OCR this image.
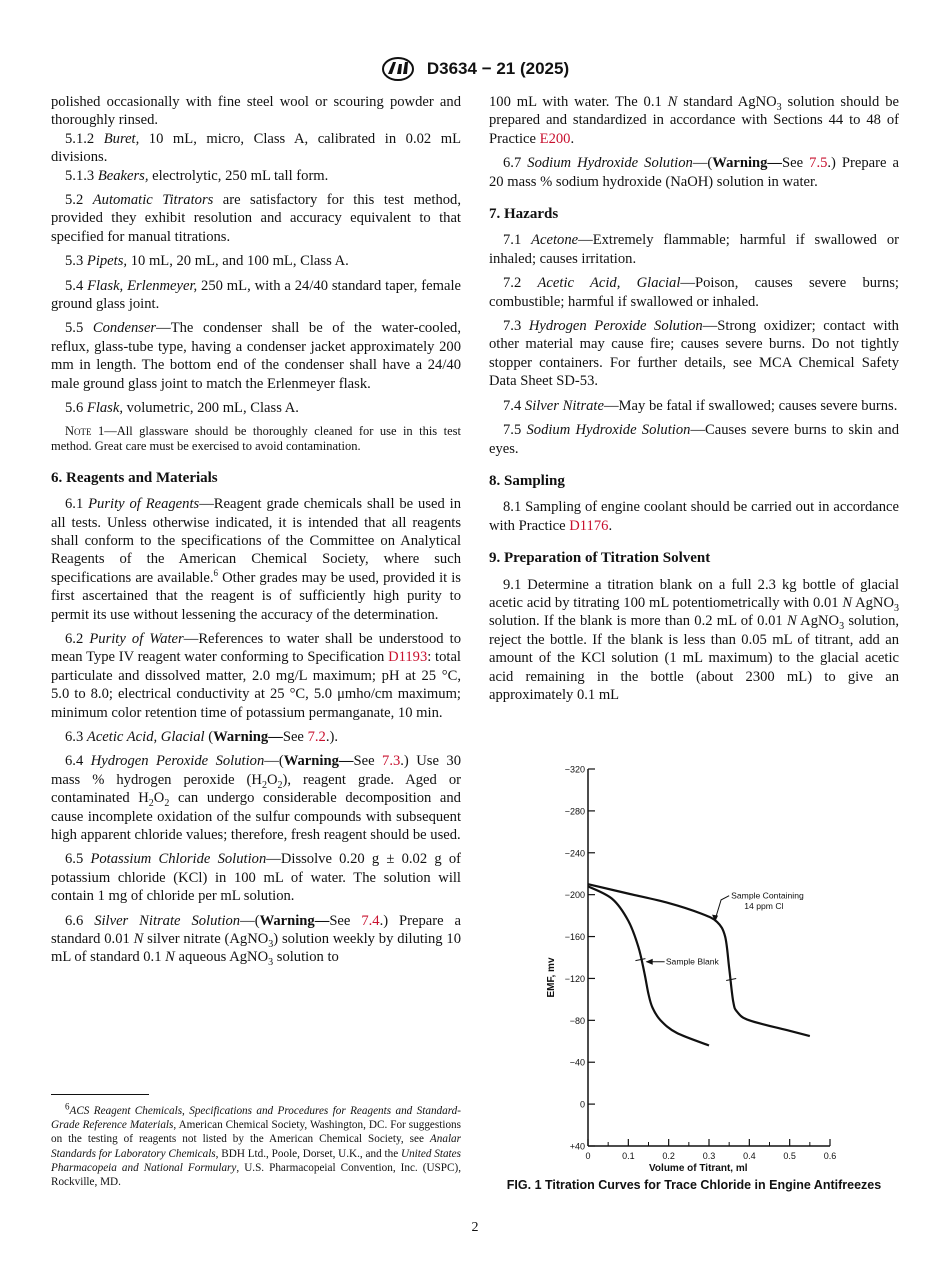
D3634 − 21 (2025)

polished occasionally with fine steel wool or scouring powder and thoroughly rinsed.

5.1.2 Buret, 10 mL, micro, Class A, calibrated in 0.02 mL divisions.

5.1.3 Beakers, electrolytic, 250 mL tall form.

5.2 Automatic Titrators are satisfactory for this test method, provided they exhibit resolution and accuracy equivalent to that specified for manual titrations.

5.3 Pipets, 10 mL, 20 mL, and 100 mL, Class A.

5.4 Flask, Erlenmeyer, 250 mL, with a 24/40 standard taper, female ground glass joint.

5.5 Condenser—The condenser shall be of the water-cooled, reflux, glass-tube type, having a condenser jacket approximately 200 mm in length. The bottom end of the condenser shall have a 24/40 male ground glass joint to match the Erlenmeyer flask.

5.6 Flask, volumetric, 200 mL, Class A.

Note 1—All glassware should be thoroughly cleaned for use in this test method. Great care must be exercised to avoid contamination.

6. Reagents and Materials

6.1 Purity of Reagents—Reagent grade chemicals shall be used in all tests. Unless otherwise indicated, it is intended that all reagents shall conform to the specifications of the Committee on Analytical Reagents of the American Chemical Society, where such specifications are available.$^6$ Other grades may be used, provided it is first ascertained that the reagent is of sufficiently high purity to permit its use without lessening the accuracy of the determination.

6.2 Purity of Water—References to water shall be understood to mean Type IV reagent water conforming to Specification D1193: total particulate and dissolved matter, 2.0 mg/L maximum; pH at 25 °C, 5.0 to 8.0; electrical conductivity at 25 °C, 5.0 μmho/cm maximum; minimum color retention time of potassium permanganate, 10 min.

6.3 Acetic Acid, Glacial (Warning—See 7.2.).

6.4 Hydrogen Peroxide Solution—(Warning—See 7.3.) Use 30 mass % hydrogen peroxide $(H_2O_2)$, reagent grade. Aged or contaminated $H_2O_2$ can undergo considerable decomposition and cause incomplete oxidation of the sulfur compounds with subsequent high apparent chloride values; therefore, fresh reagent should be used.

6.5 Potassium Chloride Solution—Dissolve 0.20 g ± 0.02 g of potassium chloride (KCl) in 100 mL of water. The solution will contain 1 mg of chloride per mL solution.

6.6 Silver Nitrate Solution—(Warning—See 7.4.) Prepare a standard 0.01 N silver nitrate (AgNO$_3$) solution weekly by diluting 10 mL of standard 0.1 N aqueous AgNO$_3$ solution to

$^6$ACS Reagent Chemicals, Specifications and Procedures for Reagents and Standard-Grade Reference Materials, American Chemical Society, Washington, DC. For suggestions on the testing of reagents not listed by the American Chemical Society, see Analar Standards for Laboratory Chemicals, BDH Ltd., Poole, Dorset, U.K., and the United States Pharmacopeia and National Formulary, U.S. Pharmacopeial Convention, Inc. (USPC), Rockville, MD.

100 mL with water. The 0.1 N standard AgNO$_3$ solution should be prepared and standardized in accordance with Sections 44 to 48 of Practice E200.

6.7 Sodium Hydroxide Solution—(Warning—See 7.5.) Prepare a 20 mass % sodium hydroxide (NaOH) solution in water.

7. Hazards

7.1 Acetone—Extremely flammable; harmful if swallowed or inhaled; causes irritation.

7.2 Acetic Acid, Glacial—Poison, causes severe burns; combustible; harmful if swallowed or inhaled.

7.3 Hydrogen Peroxide Solution—Strong oxidizer; contact with other material may cause fire; causes severe burns. Do not tightly stopper containers. For further details, see MCA Chemical Safety Data Sheet SD-53.

7.4 Silver Nitrate—May be fatal if swallowed; causes severe burns.

7.5 Sodium Hydroxide Solution—Causes severe burns to skin and eyes.

8. Sampling

8.1 Sampling of engine coolant should be carried out in accordance with Practice D1176.

9. Preparation of Titration Solvent

9.1 Determine a titration blank on a full 2.3 kg bottle of glacial acetic acid by titrating 100 mL potentiometrically with 0.01 N AgNO$_3$ solution. If the blank is more than 0.2 mL of 0.01 N AgNO$_3$ solution, reject the bottle. If the blank is less than 0.05 mL of titrant, add an amount of the KCl solution (1 mL maximum) to the glacial acetic acid remaining in the bottle (about 2300 mL) to give an approximately 0.1 mL

−320
−280
−240
−200
−160
−120
−80
−40
0
+40
0	0.1	0.2	0.3	0.4	0.5	0.6
Volume of Titrant, ml
EMF, mv
Sample Containing
14 ppm Cl
Sample Blank
FIG. 1 Titration Curves for Trace Chloride in Engine Antifreezes
2
